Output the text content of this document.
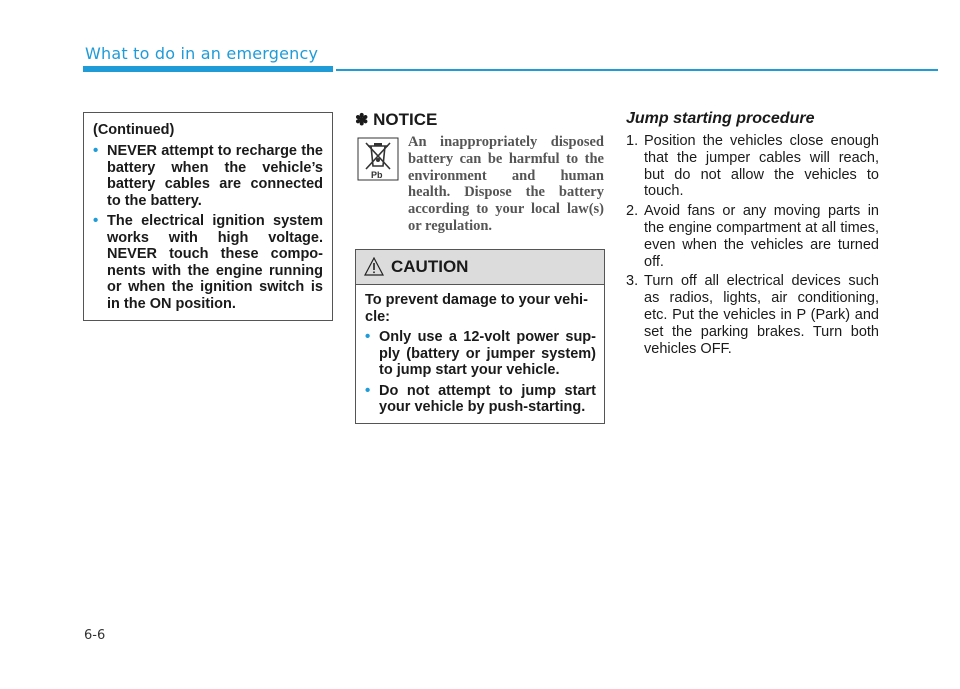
What to do in an emergency
(Continued)
• NEVER attempt to recharge the battery when the vehicle’s battery cables are connected to the battery.
• The electrical ignition system works with high voltage. NEVER touch these compo-nents with the engine running or when the ignition switch is in the ON position.
✽ NOTICE
Pb
An inappropriately disposed battery can be harmful to the environment and human health. Dispose the battery according to your local law(s) or regulation.
CAUTION
To prevent damage to your vehi-cle:
• Only use a 12-volt power sup-ply (battery or jumper system) to jump start your vehicle.
• Do not attempt to jump start your vehicle by push-starting.
Jump starting procedure
1. Position the vehicles close enough that the jumper cables will reach, but do not allow the vehicles to touch.
2. Avoid fans or any moving parts in the engine compartment at all times, even when the vehicles are turned off.
3. Turn off all electrical devices such as radios, lights, air conditioning, etc. Put the vehicles in P (Park) and set the parking brakes. Turn both vehicles OFF.
6-6
